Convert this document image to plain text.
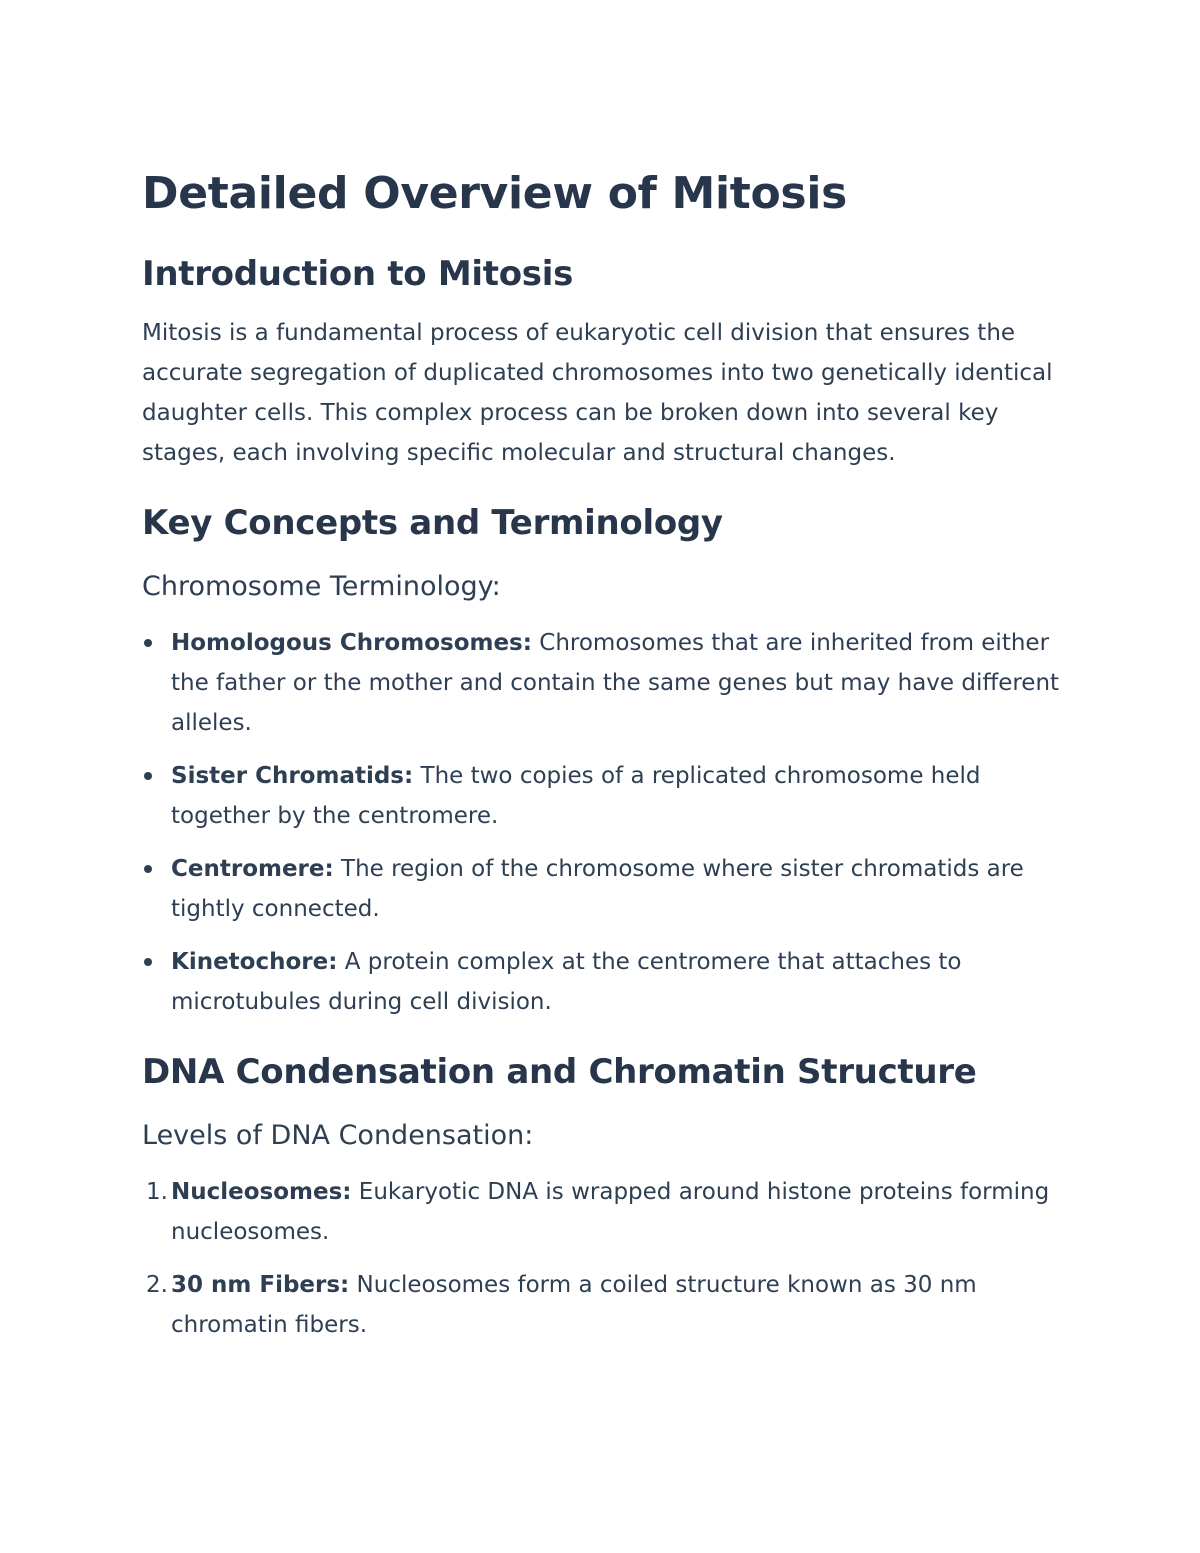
Detailed Overview of Mitosis
Introduction to Mitosis

Mitosis is a fundamental process of eukaryotic cell division that ensures the accurate segregation of duplicated chromosomes into two genetically identical daughter cells. This complex process can be broken down into several key stages, each involving specific molecular and structural changes.

Key Concepts and Terminology
Chromosome Terminology:
Homologous Chromosomes: Chromosomes that are inherited from either the father or the mother and contain the same genes but may have different alleles.
Sister Chromatids: The two copies of a replicated chromosome held together by the centromere.
Centromere: The region of the chromosome where sister chromatids are tightly connected.
Kinetochore: A protein complex at the centromere that attaches to microtubules during cell division.
DNA Condensation and Chromatin Structure
Levels of DNA Condensation:
1. Nucleosomes: Eukaryotic DNA is wrapped around histone proteins forming nucleosomes.
2. 30 nm Fibers: Nucleosomes form a coiled structure known as 30 nm chromatin fibers.
